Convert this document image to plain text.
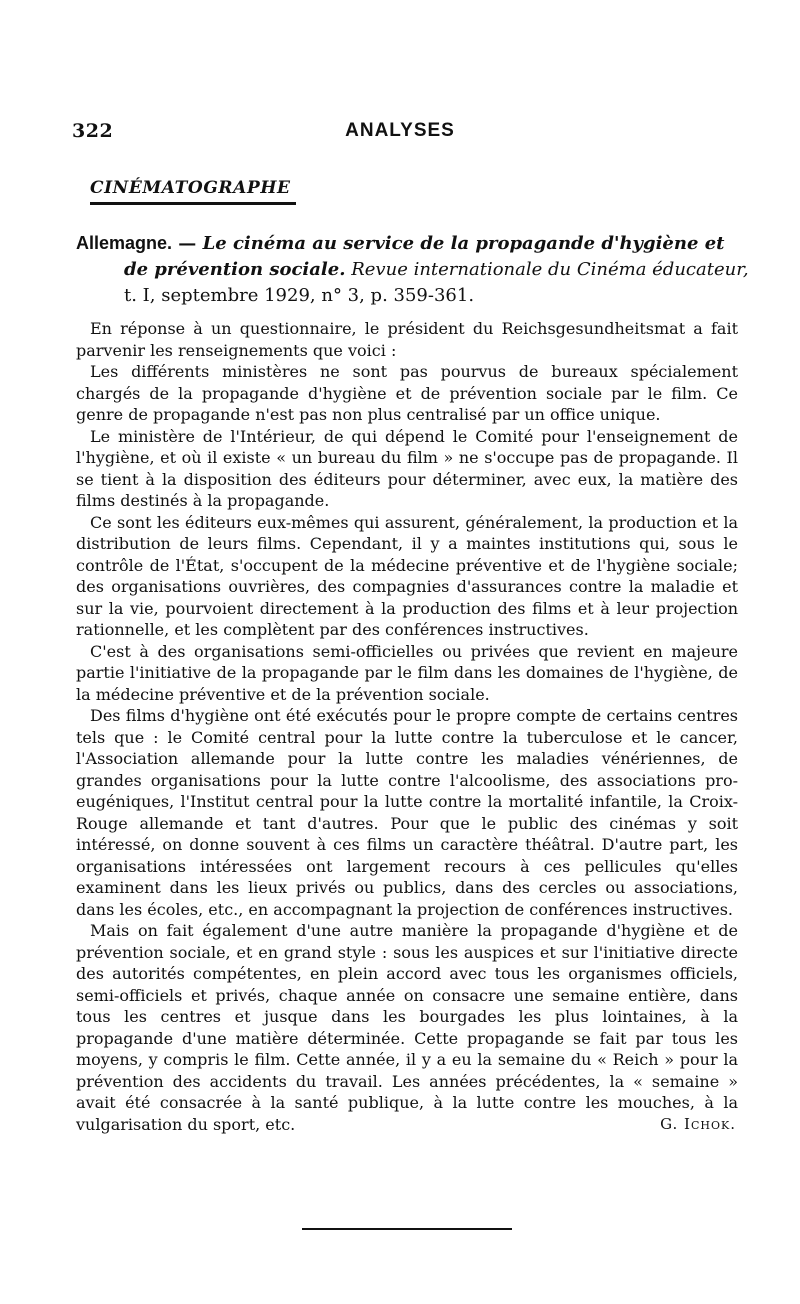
322	ANALYSES
CINÉMATOGRAPHE
Allemagne. — Le cinéma au service de la propagande d'hygiène et
de prévention sociale. Revue internationale du Cinéma éducateur,
t. I, septembre 1929, n° 3, p. 359-361.

En réponse à un questionnaire, le président du Reichsgesundheitsmat a fait parvenir les renseignements que voici :

Les différents ministères ne sont pas pourvus de bureaux spécialement chargés de la propagande d'hygiène et de prévention sociale par le film. Ce genre de propagande n'est pas non plus centralisé par un office unique.

Le ministère de l'Intérieur, de qui dépend le Comité pour l'enseignement de l'hygiène, et où il existe « un bureau du film » ne s'occupe pas de propagande. Il se tient à la disposition des éditeurs pour déterminer, avec eux, la matière des films destinés à la propagande.

Ce sont les éditeurs eux-mêmes qui assurent, généralement, la production et la distribution de leurs films. Cependant, il y a maintes institutions qui, sous le contrôle de l'État, s'occupent de la médecine préventive et de l'hygiène sociale; des organisations ouvrières, des compagnies d'assurances contre la maladie et sur la vie, pourvoient directement à la production des films et à leur projection rationnelle, et les complètent par des conférences instructives.

C'est à des organisations semi-officielles ou privées que revient en majeure partie l'initiative de la propagande par le film dans les domaines de l'hygiène, de la médecine préventive et de la prévention sociale.

Des films d'hygiène ont été exécutés pour le propre compte de certains centres tels que : le Comité central pour la lutte contre la tuberculose et le cancer, l'Association allemande pour la lutte contre les maladies vénériennes, de grandes organisations pour la lutte contre l'alcoolisme, des associations pro-eugéniques, l'Institut central pour la lutte contre la mortalité infantile, la Croix-Rouge allemande et tant d'autres. Pour que le public des cinémas y soit intéressé, on donne souvent à ces films un caractère théâtral. D'autre part, les organisations intéressées ont largement recours à ces pellicules qu'elles examinent dans les lieux privés ou publics, dans des cercles ou associations, dans les écoles, etc., en accompagnant la projection de conférences instructives.

Mais on fait également d'une autre manière la propagande d'hygiène et de prévention sociale, et en grand style : sous les auspices et sur l'initiative directe des autorités compétentes, en plein accord avec tous les organismes officiels, semi-officiels et privés, chaque année on consacre une semaine entière, dans tous les centres et jusque dans les bourgades les plus lointaines, à la propagande d'une matière déterminée. Cette propagande se fait par tous les moyens, y compris le film. Cette année, il y a eu la semaine du « Reich » pour la prévention des accidents du travail. Les années précédentes, la « semaine » avait été consacrée à la santé publique, à la lutte contre les mouches, à la vulgarisation du sport, etc.	G. Ichok.
